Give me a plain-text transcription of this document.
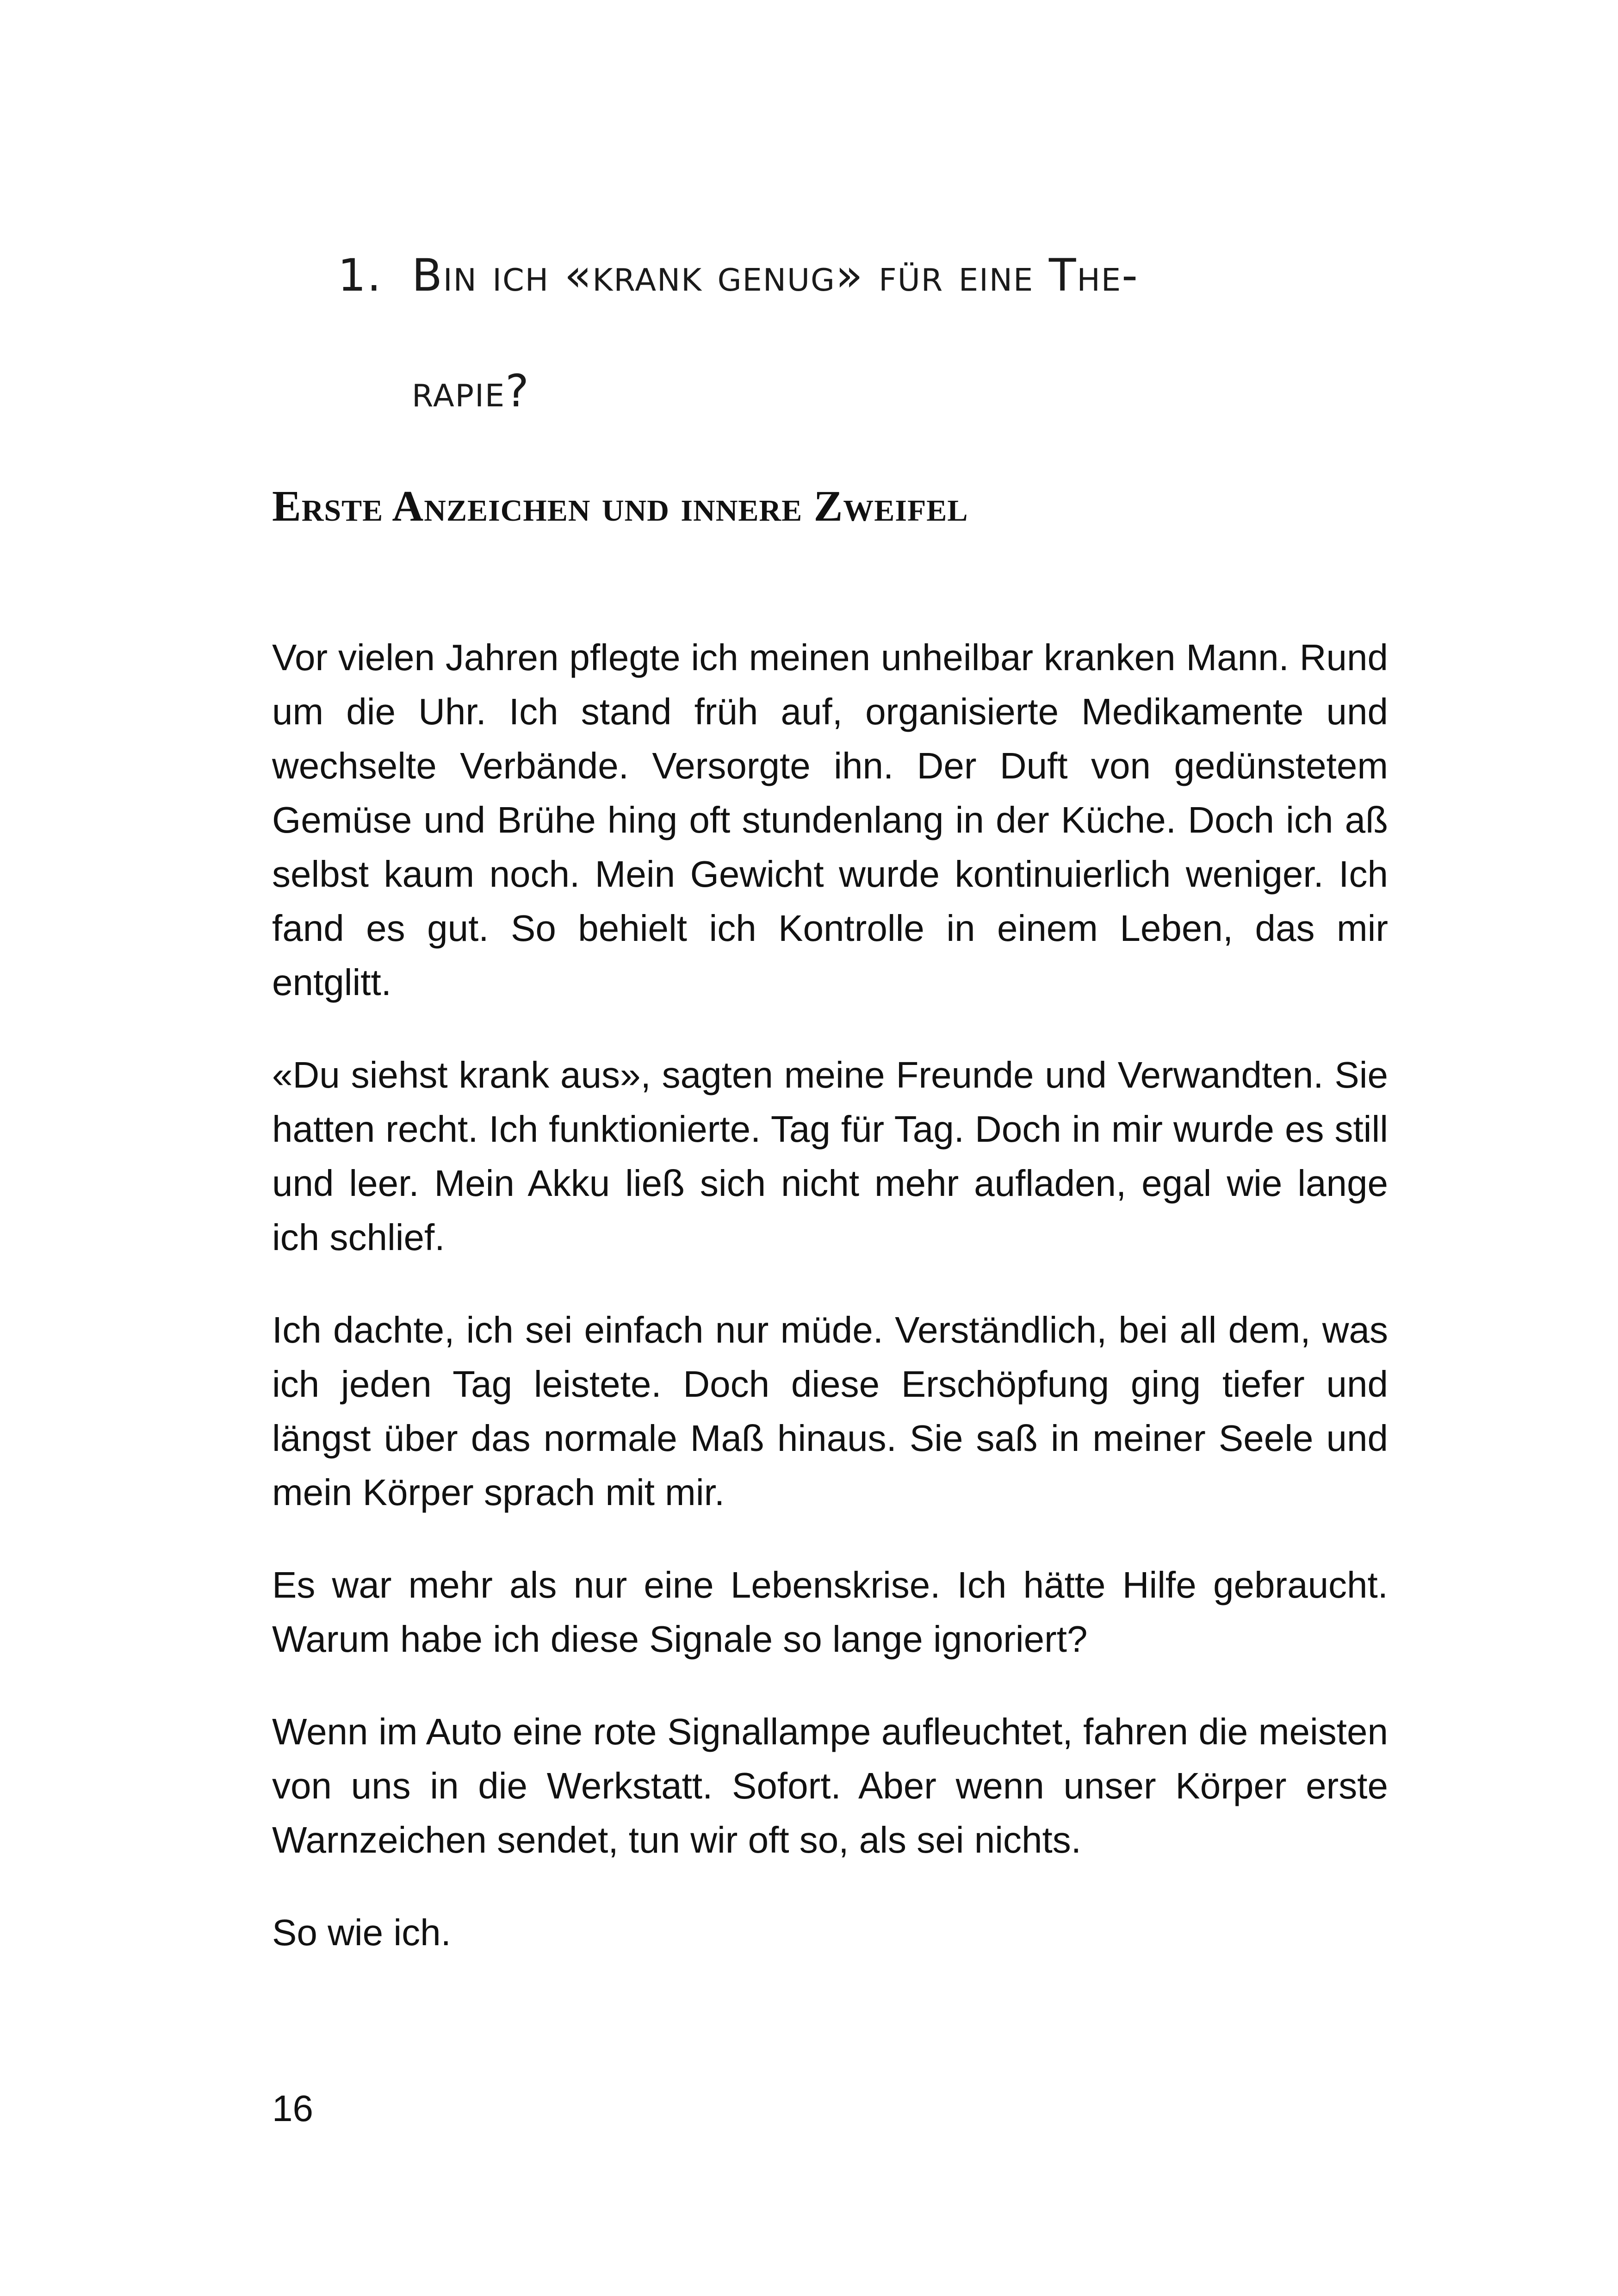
1. Bin ich «krank genug» für eine The-
rapie?
Erste Anzeichen und innere Zweifel

Vor vielen Jahren pflegte ich meinen unheilbar kranken Mann. Rund um die Uhr. Ich stand früh auf, organisierte Medikamente und wechselte Verbände. Versorgte ihn. Der Duft von gedünstetem Gemüse und Brühe hing oft stundenlang in der Küche. Doch ich aß selbst kaum noch. Mein Gewicht wurde kontinuierlich weniger. Ich fand es gut. So behielt ich Kontrolle in einem Leben, das mir entglitt.

«Du siehst krank aus», sagten meine Freunde und Verwandten. Sie hatten recht. Ich funktionierte. Tag für Tag. Doch in mir wurde es still und leer. Mein Akku ließ sich nicht mehr aufladen, egal wie lange ich schlief.

Ich dachte, ich sei einfach nur müde. Verständlich, bei all dem, was ich jeden Tag leistete. Doch diese Erschöpfung ging tiefer und längst über das normale Maß hinaus. Sie saß in meiner Seele und mein Körper sprach mit mir.

Es war mehr als nur eine Lebenskrise. Ich hätte Hilfe gebraucht. Warum habe ich diese Signale so lange ignoriert?

Wenn im Auto eine rote Signallampe aufleuchtet, fahren die meisten von uns in die Werkstatt. Sofort. Aber wenn unser Körper erste Warnzeichen sendet, tun wir oft so, als sei nichts.

So wie ich.

16
